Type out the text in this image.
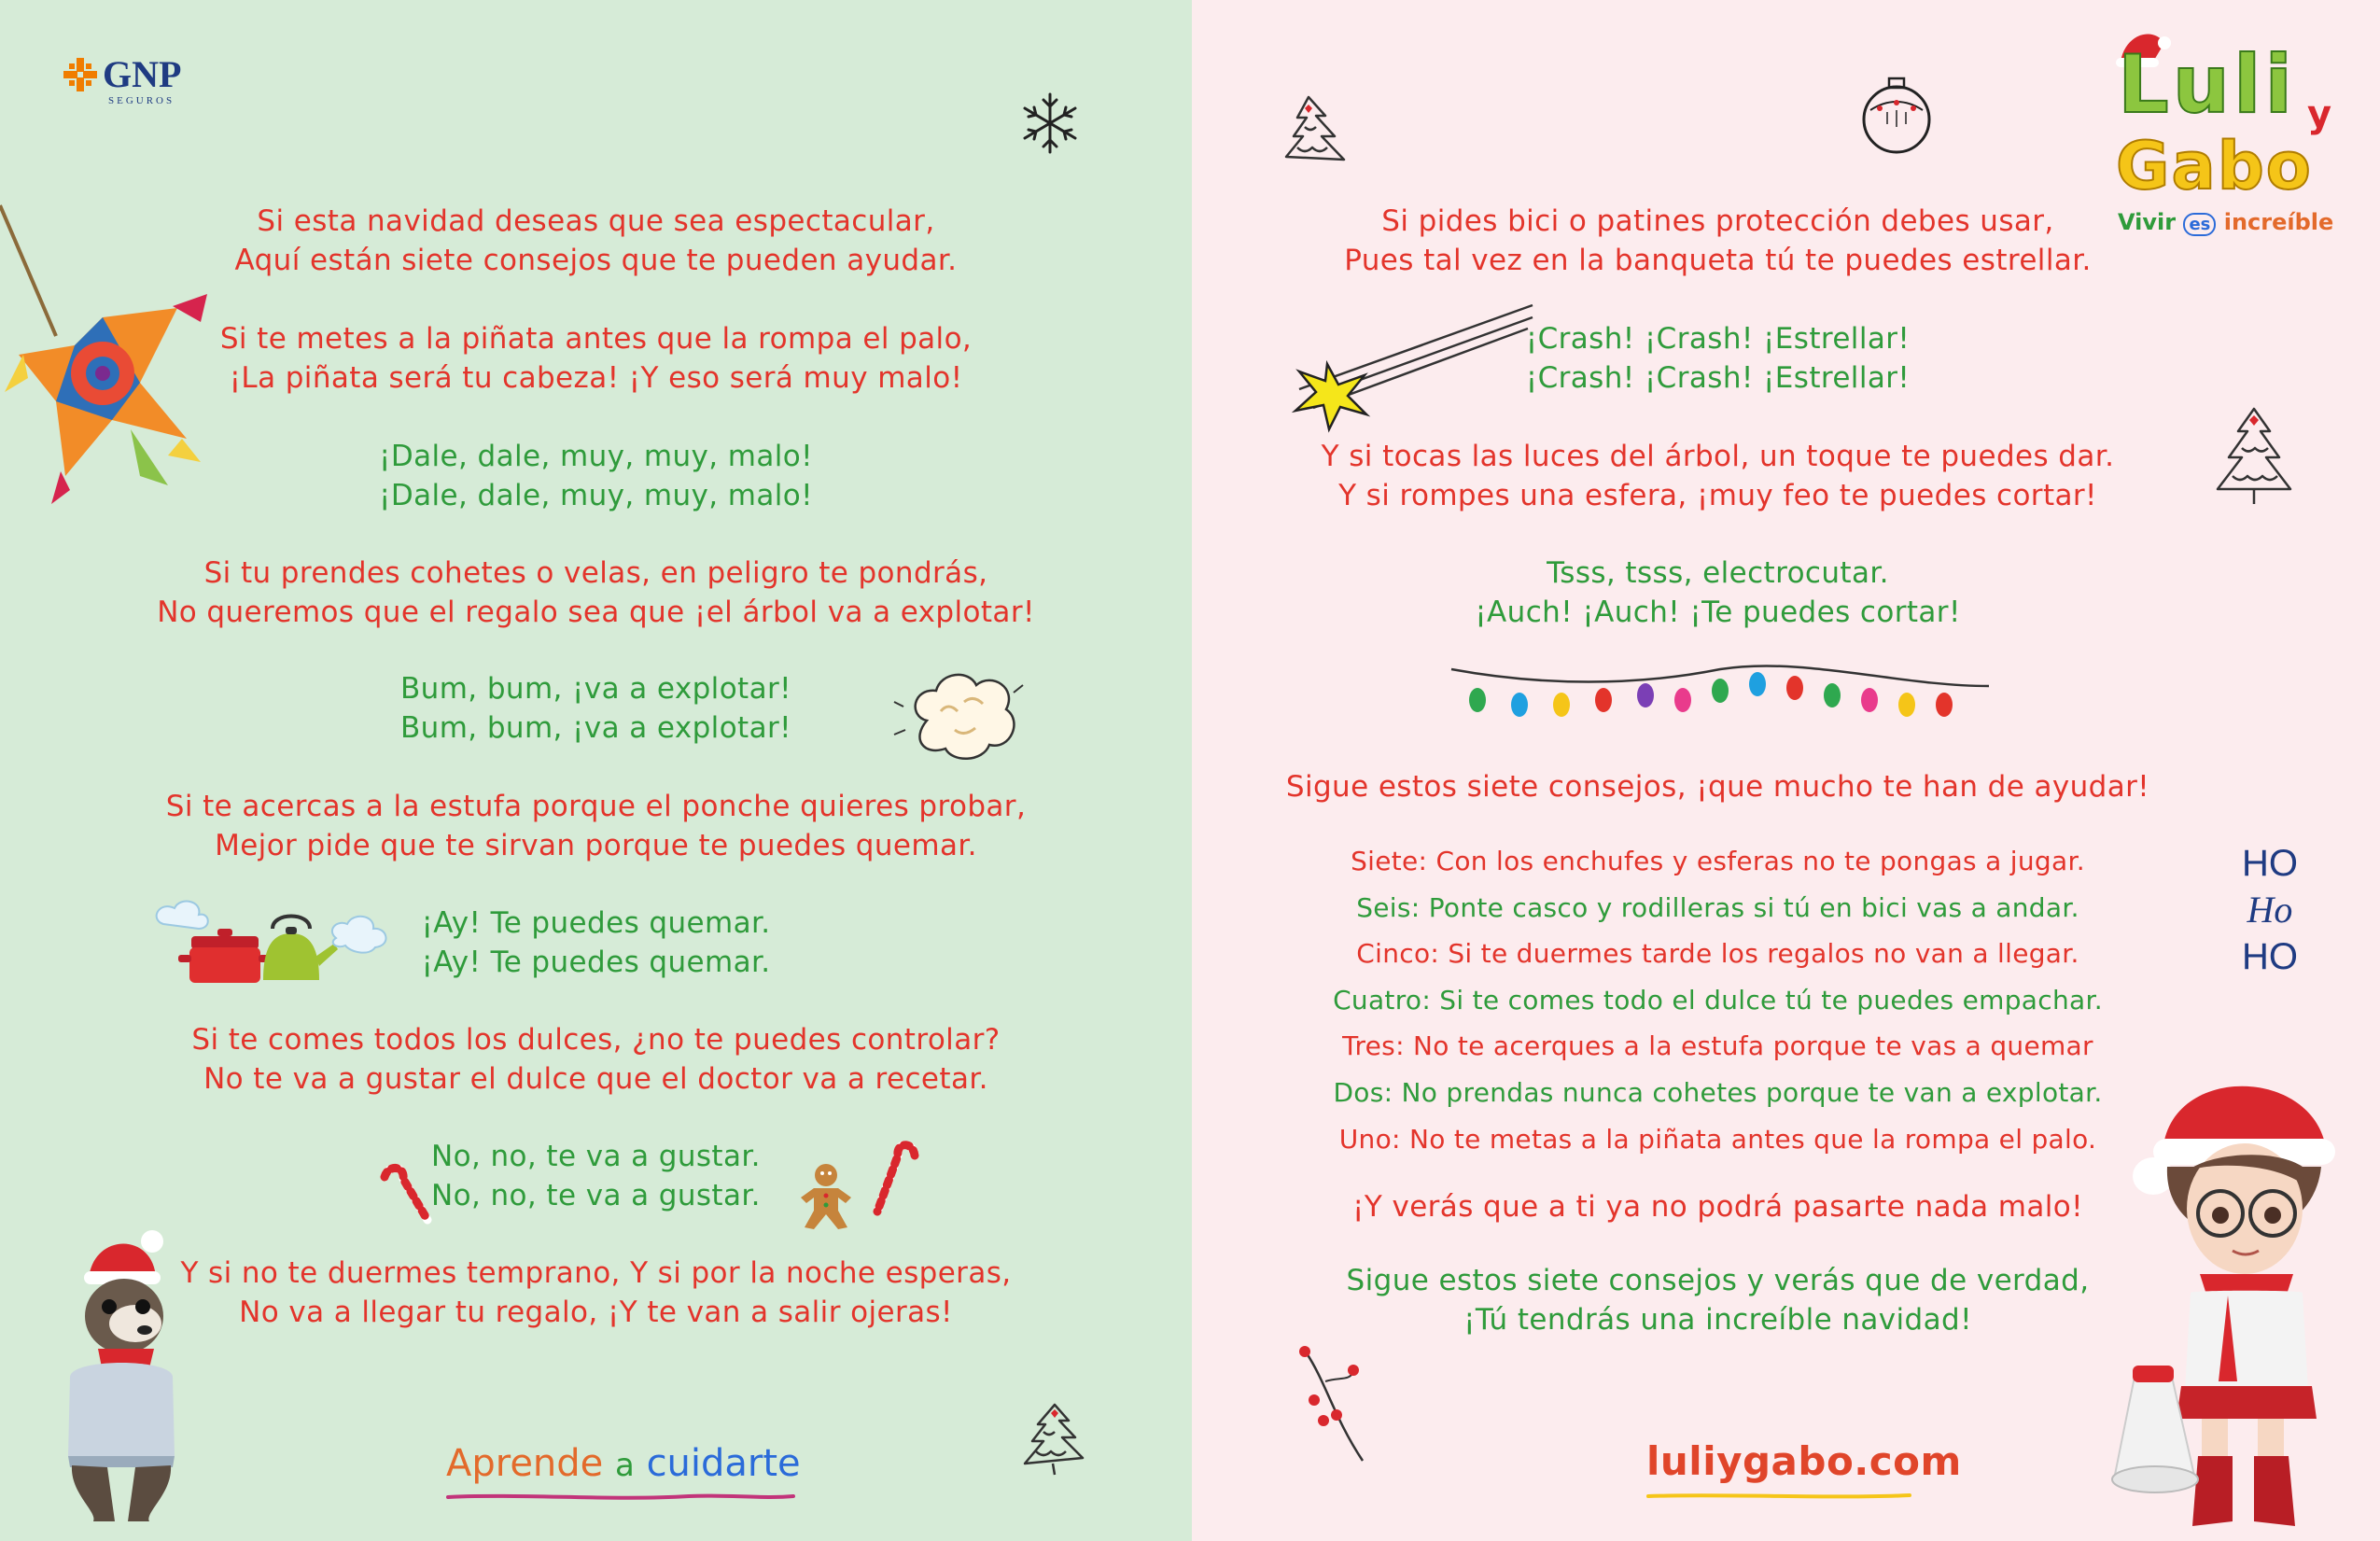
GNP
SEGUROS
Si esta navidad deseas que sea espectacular,
Aquí están siete consejos que te pueden ayudar.
Si te metes a la piñata antes que la rompa el palo,
¡La piñata será tu cabeza! ¡Y eso será muy malo!
¡Dale, dale, muy, muy, malo!
¡Dale, dale, muy, muy, malo!
Si tu prendes cohetes o velas, en peligro te pondrás,
No queremos que el regalo sea que ¡el árbol va a explotar!
Bum, bum, ¡va a explotar!
Bum, bum, ¡va a explotar!
Si te acercas a la estufa porque el ponche quieres probar,
Mejor pide que te sirvan porque te puedes quemar.
¡Ay! Te puedes quemar.
¡Ay! Te puedes quemar.
Si te comes todos los dulces, ¿no te puedes controlar?
No te va a gustar el dulce que el doctor va a recetar.
No, no, te va a gustar.
No, no, te va a gustar.
Y si no te duermes temprano, Y si por la noche esperas,
No va a llegar tu regalo, ¡Y te van a salir ojeras!
Aprende a cuidarte
Luli y
Gabo
Vivir es increíble
Si pides bici o patines protección debes usar,
Pues tal vez en la banqueta tú te puedes estrellar.
¡Crash! ¡Crash! ¡Estrellar!
¡Crash! ¡Crash! ¡Estrellar!
Y si tocas las luces del árbol, un toque te puedes dar.
Y si rompes una esfera, ¡muy feo te puedes cortar!
Tsss, tsss, electrocutar.
¡Auch! ¡Auch! ¡Te puedes cortar!
Sigue estos siete consejos, ¡que mucho te han de ayudar!
Siete: Con los enchufes y esferas no te pongas a jugar.
Seis: Ponte casco y rodilleras si tú en bici vas a andar.
Cinco: Si te duermes tarde los regalos no van a llegar.
Cuatro: Si te comes todo el dulce tú te puedes empachar.
Tres: No te acerques a la estufa porque te vas a quemar
Dos: No prendas nunca cohetes porque te van a explotar.
Uno: No te metas a la piñata antes que la rompa el palo.
HO
Ho
HO
¡Y verás que a ti ya no podrá pasarte nada malo!
Sigue estos siete consejos y verás que de verdad,
¡Tú tendrás una increíble navidad!
luliygabo.com
